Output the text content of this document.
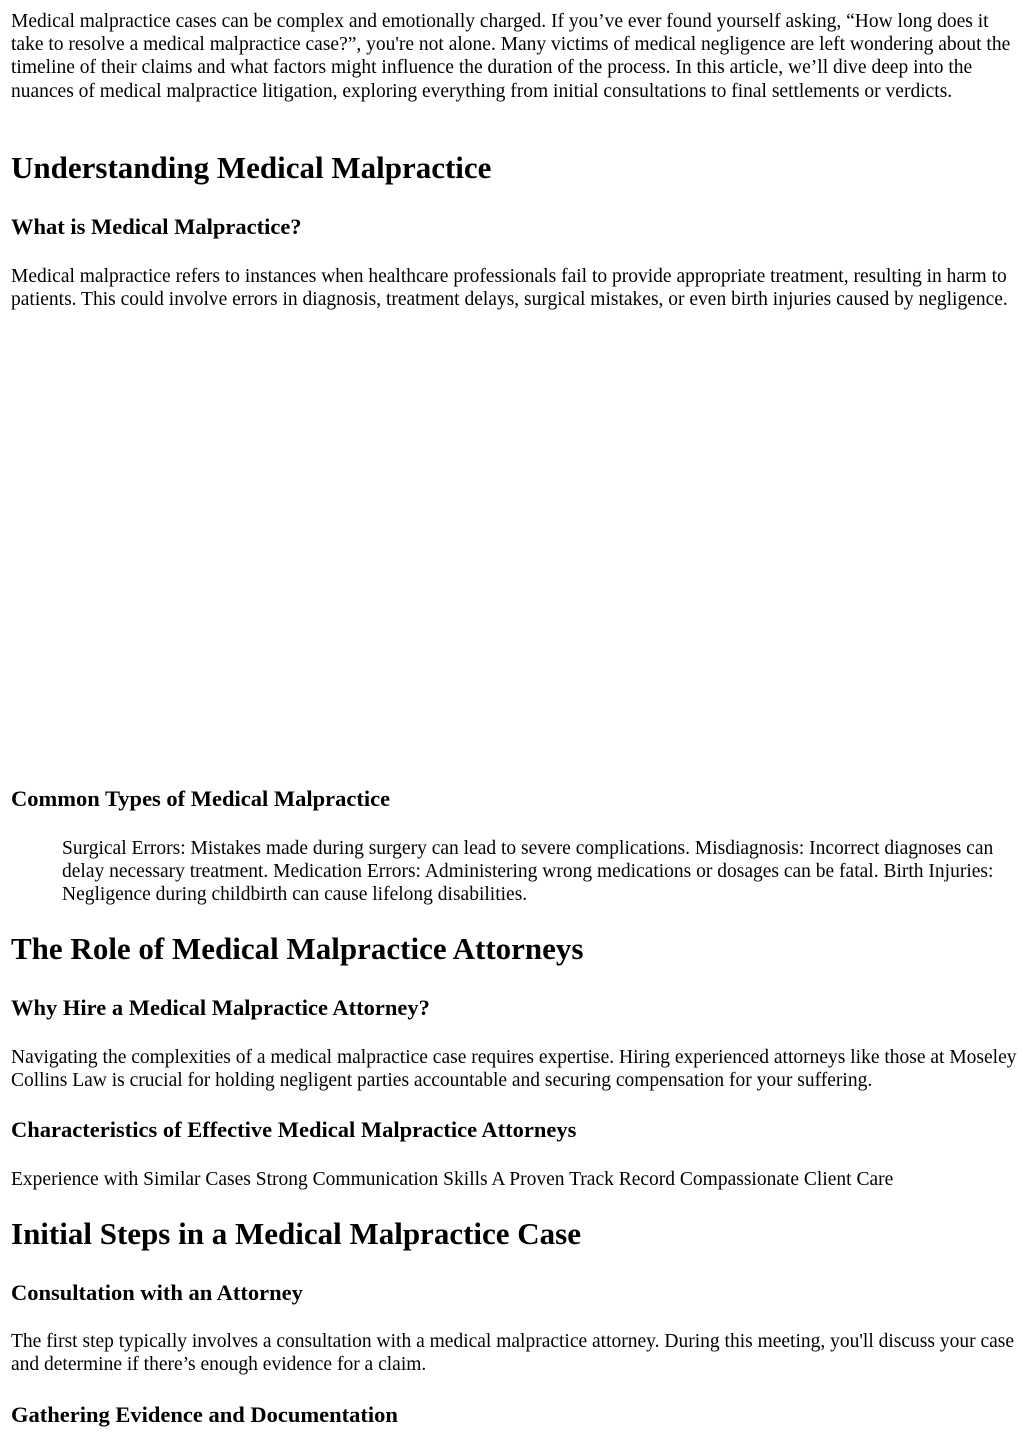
Medical malpractice cases can be complex and emotionally charged. If you’ve ever found yourself asking, “How long does it take to resolve a medical malpractice case?”, you're not alone. Many victims of medical negligence are left wondering about the timeline of their claims and what factors might influence the duration of the process. In this article, we’ll dive deep into the nuances of medical malpractice litigation, exploring everything from initial consultations to final settlements or verdicts.

Understanding Medical Malpractice
What is Medical Malpractice?

Medical malpractice refers to instances when healthcare professionals fail to provide appropriate treatment, resulting in harm to patients. This could involve errors in diagnosis, treatment delays, surgical mistakes, or even birth injuries caused by negligence.

Common Types of Medical Malpractice

Surgical Errors: Mistakes made during surgery can lead to severe complications. Misdiagnosis: Incorrect diagnoses can delay necessary treatment. Medication Errors: Administering wrong medications or dosages can be fatal. Birth Injuries: Negligence during childbirth can cause lifelong disabilities.

The Role of Medical Malpractice Attorneys
Why Hire a Medical Malpractice Attorney?

Navigating the complexities of a medical malpractice case requires expertise. Hiring experienced attorneys like those at Moseley Collins Law is crucial for holding negligent parties accountable and securing compensation for your suffering.

Characteristics of Effective Medical Malpractice Attorneys

Experience with Similar Cases Strong Communication Skills A Proven Track Record Compassionate Client Care

Initial Steps in a Medical Malpractice Case
Consultation with an Attorney

The first step typically involves a consultation with a medical malpractice attorney. During this meeting, you'll discuss your case and determine if there’s enough evidence for a claim.

Gathering Evidence and Documentation
